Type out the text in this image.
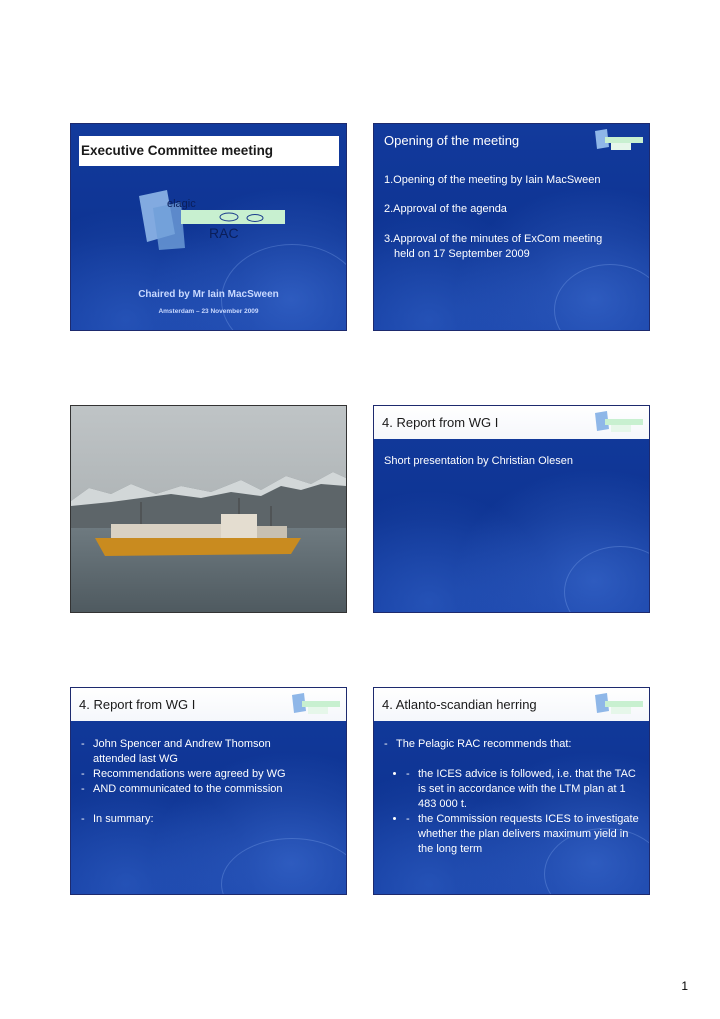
Executive Committee meeting
elagic
RAC
Chaired by Mr Iain MacSween
Amsterdam – 23 November 2009
Opening of the meeting
1.Opening of the meeting by Iain MacSween
2.Approval of the agenda
3.Approval of the minutes of ExCom meeting
held on 17 September 2009
4. Report from WG I
Short presentation by Christian Olesen
4. Report from WG I
- • John Spencer and Andrew Thomson attended last WG
- • Recommendations were agreed by WG
- • AND communicated to the commission
- • In summary:
4. Atlanto-scandian herring
- • The Pelagic RAC recommends that:
- • the ICES advice is followed, i.e. that the TAC is set in accordance with the LTM plan at 1 483 000 t.
- • the Commission requests ICES to investigate whether the plan delivers maximum yield in the long term
1
